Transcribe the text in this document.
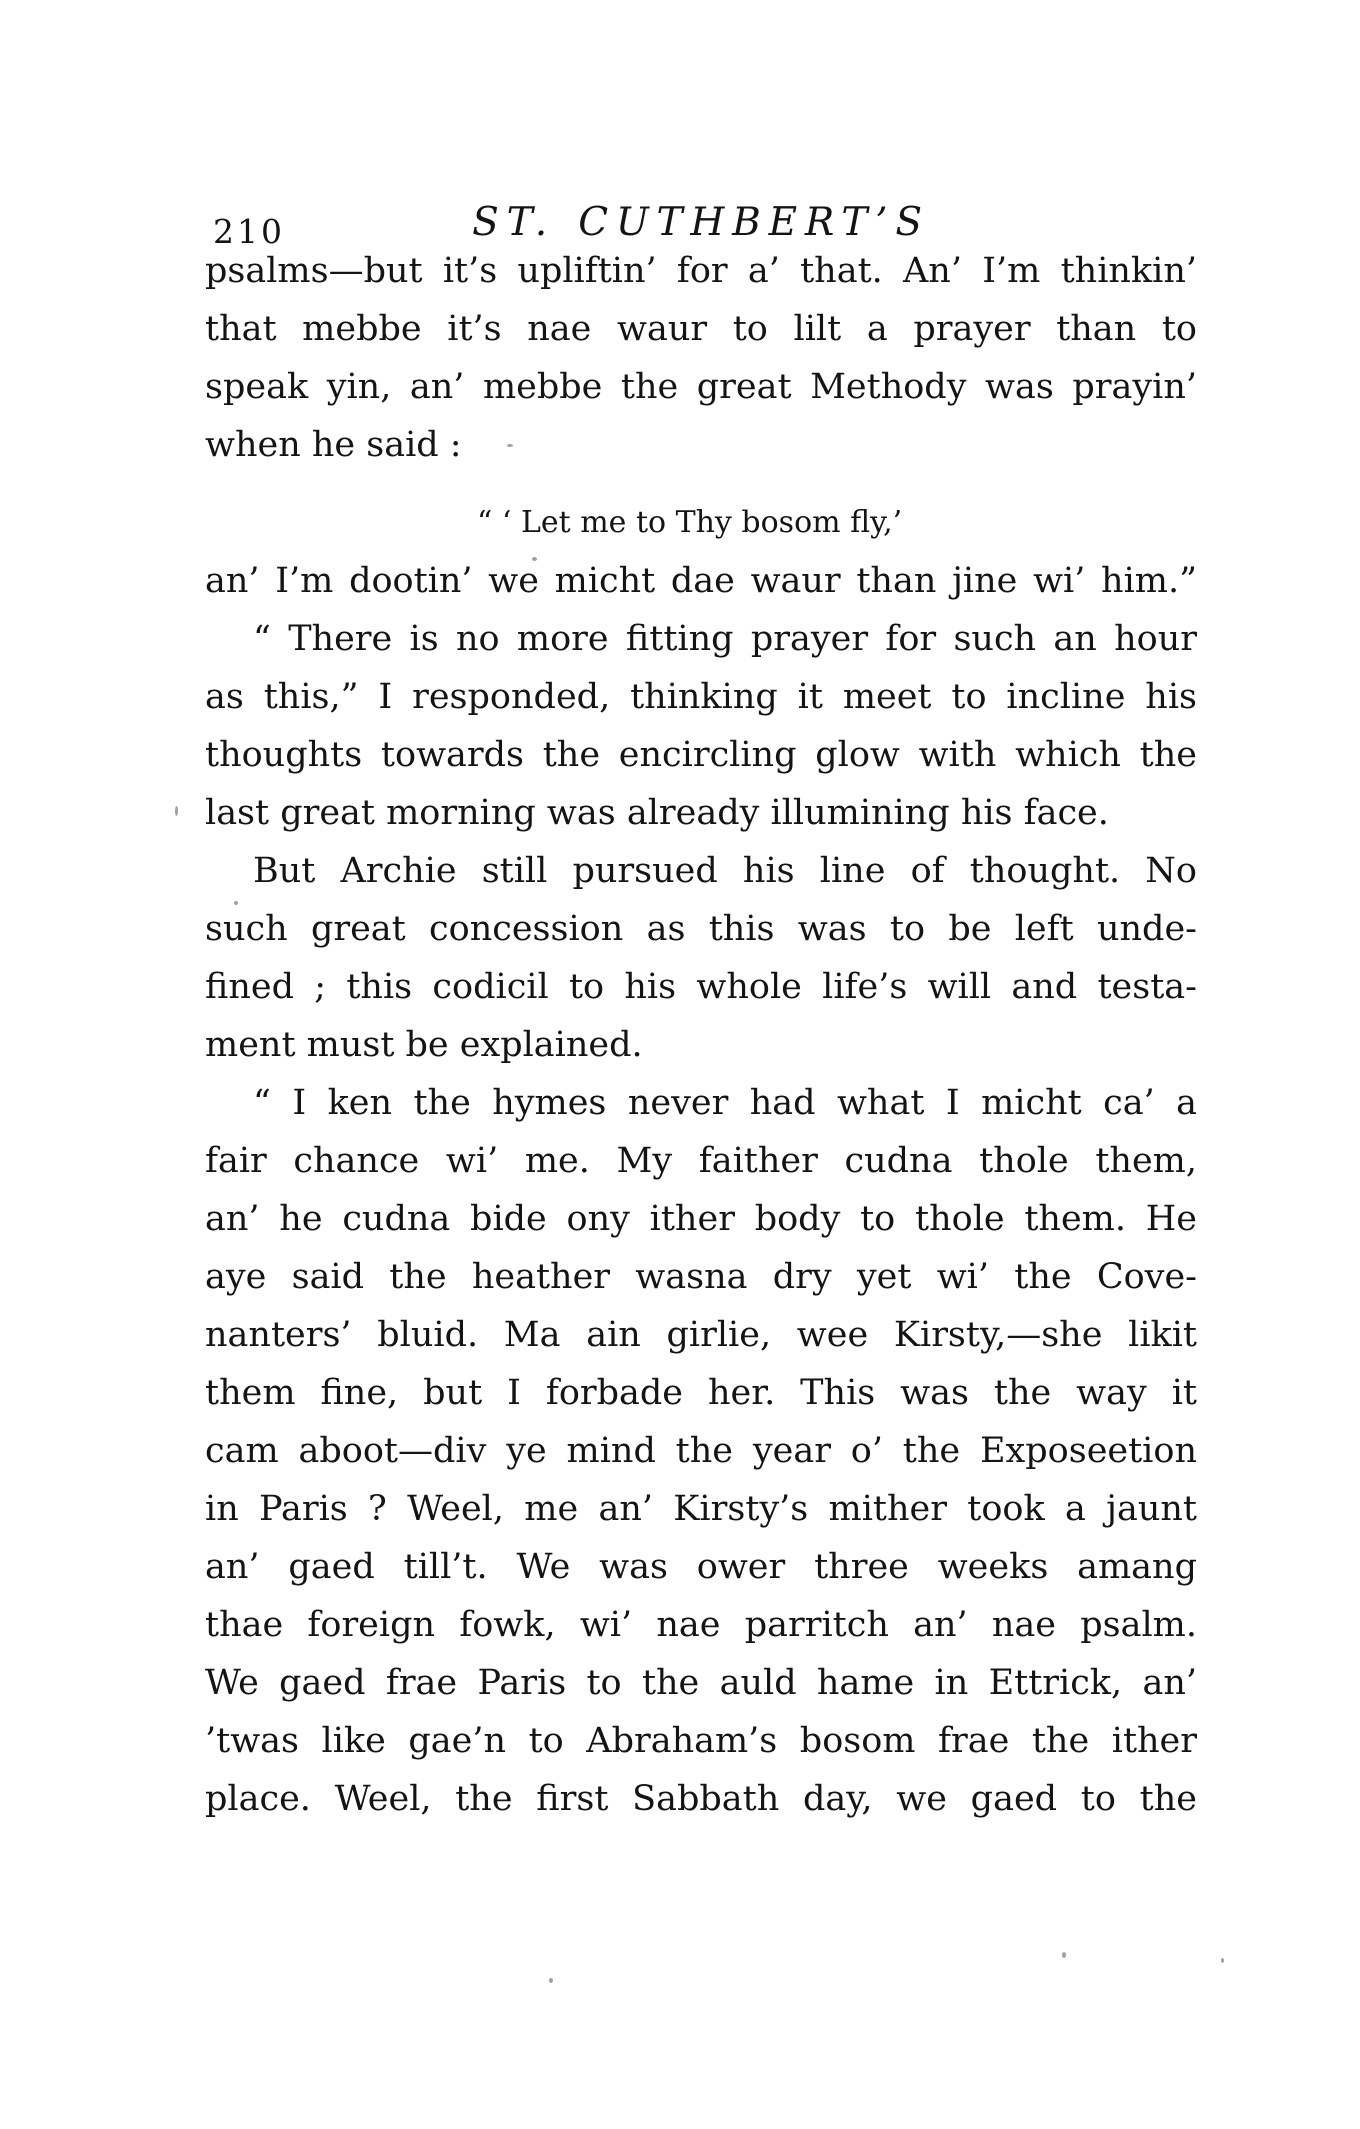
210	ST. CUTHBERT’S
psalms—but it’s upliftin’ for a’ that. An’ I’m thinkin’
that mebbe it’s nae waur to lilt a prayer than to
speak yin, an’ mebbe the great Methody was prayin’
when he said :
“ ‘ Let me to Thy bosom fly,’
an’ I’m dootin’ we micht dae waur than jine wi’ him.”
“ There is no more fitting prayer for such an hour
as this,” I responded, thinking it meet to incline his
thoughts towards the encircling glow with which the
last great morning was already illumining his face.
But Archie still pursued his line of thought. No
such great concession as this was to be left unde-
fined ; this codicil to his whole life’s will and testa-
ment must be explained.
“ I ken the hymes never had what I micht ca’ a
fair chance wi’ me. My faither cudna thole them,
an’ he cudna bide ony ither body to thole them. He
aye said the heather wasna dry yet wi’ the Cove-
nanters’ bluid. Ma ain girlie, wee Kirsty,—she likit
them fine, but I forbade her. This was the way it
cam aboot—div ye mind the year o’ the Exposeetion
in Paris ? Weel, me an’ Kirsty’s mither took a jaunt
an’ gaed till’t. We was ower three weeks amang
thae foreign fowk, wi’ nae parritch an’ nae psalm.
We gaed frae Paris to the auld hame in Ettrick, an’
’twas like gae’n to Abraham’s bosom frae the ither
place. Weel, the first Sabbath day, we gaed to the
